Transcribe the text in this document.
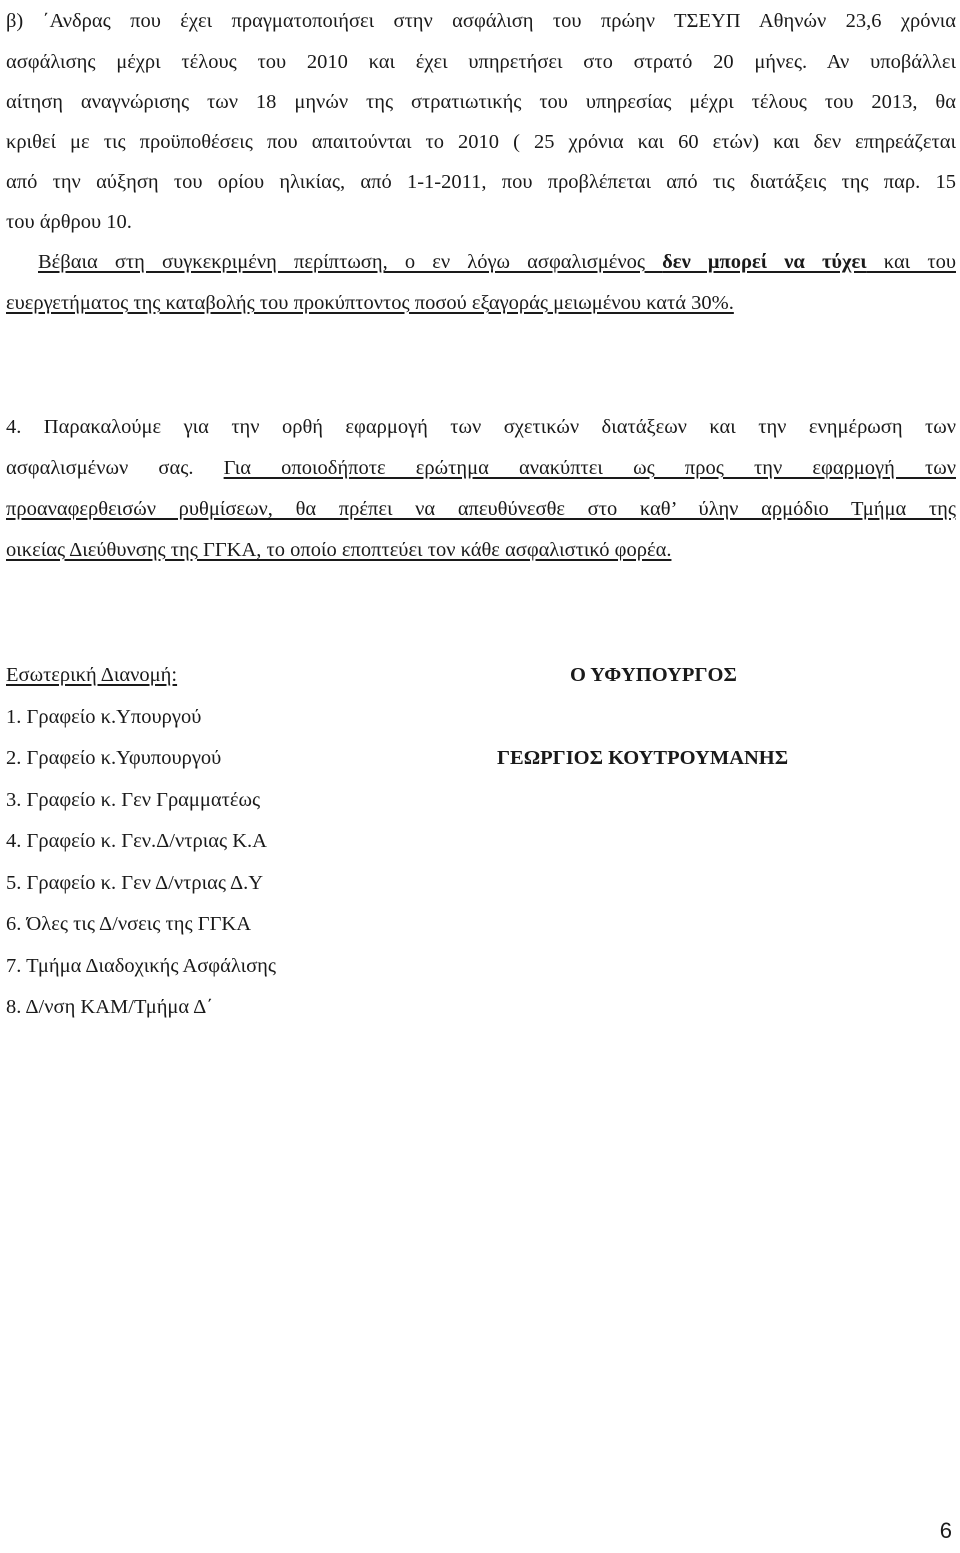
β) ΄Ανδρας που έχει πραγματοποιήσει στην ασφάλιση του πρώην ΤΣΕΥΠ Αθηνών 23,6 χρόνια
ασφάλισης μέχρι τέλους του 2010 και έχει υπηρετήσει στο στρατό 20 μήνες. Αν υποβάλλει
αίτηση αναγνώρισης των 18 μηνών της στρατιωτικής του υπηρεσίας μέχρι τέλους του 2013, θα
κριθεί με τις προϋποθέσεις που απαιτούνται το 2010 ( 25 χρόνια και 60 ετών) και δεν επηρεάζεται
από την αύξηση του ορίου ηλικίας, από 1-1-2011, που προβλέπεται από τις διατάξεις της παρ. 15
του άρθρου 10.
Βέβαια στη συγκεκριμένη περίπτωση, ο εν λόγω ασφαλισμένος δεν μπορεί να τύχει και του
ευεργετήματος της καταβολής του προκύπτοντος ποσού εξαγοράς μειωμένου κατά 30%.
4. Παρακαλούμε για την ορθή εφαρμογή των σχετικών διατάξεων και την ενημέρωση των
ασφαλισμένων σας. Για οποιοδήποτε ερώτημα ανακύπτει ως προς την εφαρμογή των
προαναφερθεισών ρυθμίσεων, θα πρέπει να απευθύνεσθε στο καθ’ ύλην αρμόδιο Τμήμα της
οικείας Διεύθυνσης της ΓΓΚΑ, το οποίο εποπτεύει τον κάθε ασφαλιστικό φορέα.
Εσωτερική Διανομή:
1. Γραφείο κ.Υπουργού
2. Γραφείο κ.Υφυπουργού
3. Γραφείο κ. Γεν Γραμματέως
4. Γραφείο κ. Γεν.Δ/ντριας Κ.Α
5. Γραφείο κ. Γεν Δ/ντριας Δ.Υ
6. Όλες τις Δ/νσεις της ΓΓΚΑ
7. Τμήμα Διαδοχικής Ασφάλισης
8. Δ/νση ΚΑΜ/Τμήμα Δ΄
Ο ΥΦΥΠΟΥΡΓΟΣ
ΓΕΩΡΓΙΟΣ ΚΟΥΤΡΟΥΜΑΝΗΣ
6
